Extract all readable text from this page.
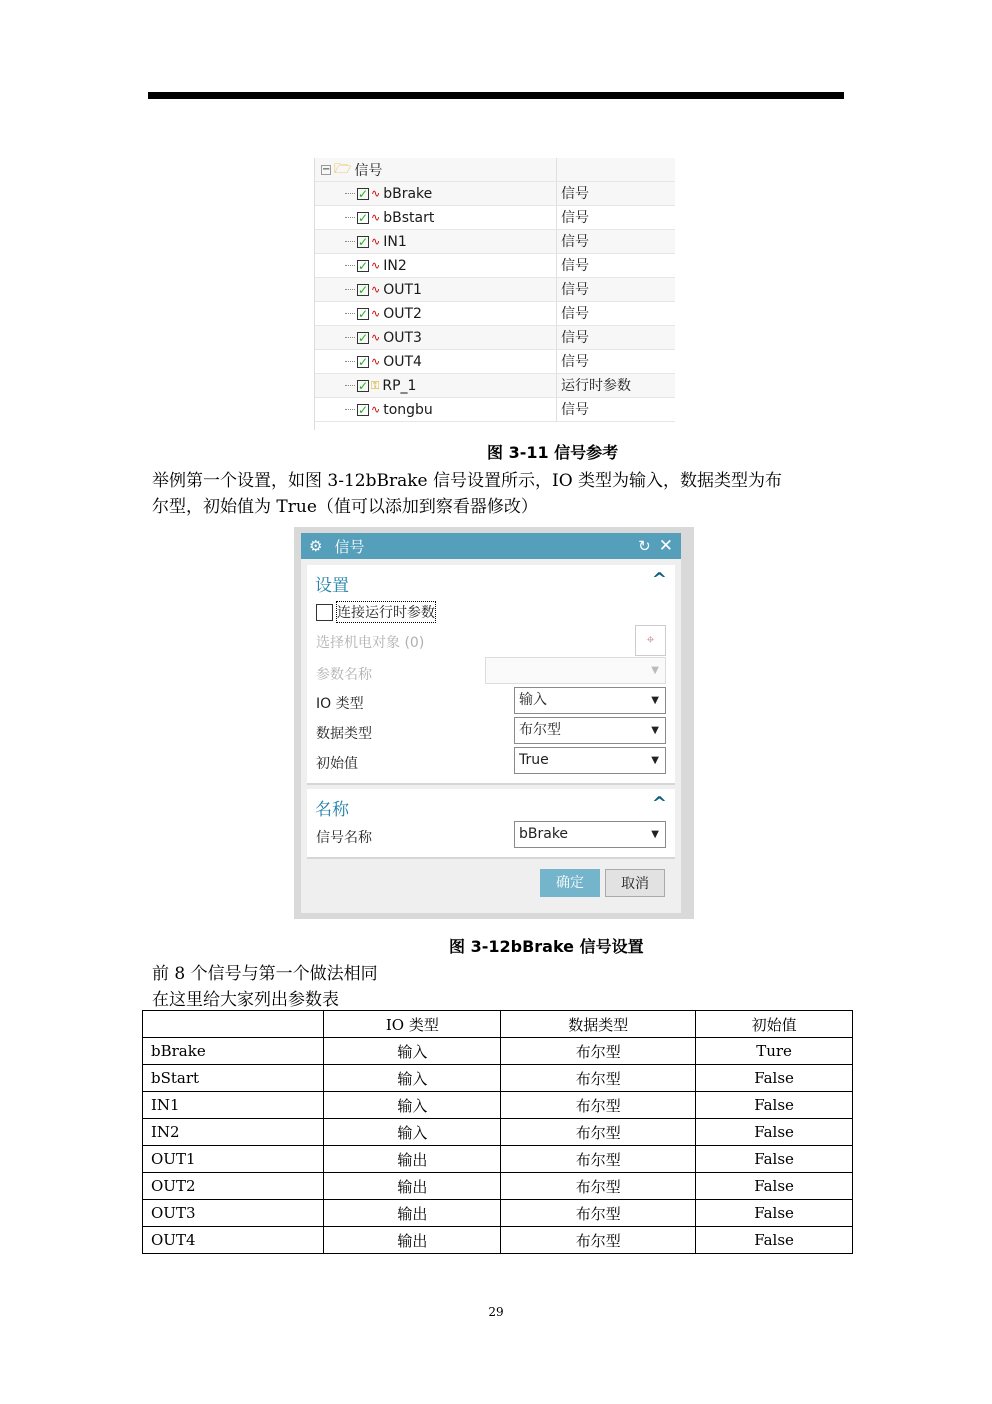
− 🗁 信号
✓ ∿ bBrake	信号
✓ ∿ bBstart	信号
✓ ∿ IN1	信号
✓ ∿ IN2	信号
✓ ∿ OUT1	信号
✓ ∿ OUT2	信号
✓ ∿ OUT3	信号
✓ ∿ OUT4	信号
✓ ⚿ RP_1	运行时参数
✓ ∿ tongbu	信号
图 3-11 信号参考
举例第一个设置，如图 3-12bBrake 信号设置所示，IO 类型为输入，数据类型为布
尔型，初始值为 True（值可以添加到察看器修改）
⚙ 信号	↻ ✕
设置	^
连接运行时参数
选择机电对象 (0)	⌖
参数名称	▼
IO 类型	输入	▼
数据类型	布尔型	▼
初始值	True	▼
名称	^
信号名称	bBrake	▼
确定	取消
图 3-12bBrake 信号设置
前 8 个信号与第一个做法相同
在这里给大家列出参数表
	IO 类型	数据类型	初始值
bBrake	输入	布尔型	Ture
bStart	输入	布尔型	False
IN1	输入	布尔型	False
IN2	输入	布尔型	False
OUT1	输出	布尔型	False
OUT2	输出	布尔型	False
OUT3	输出	布尔型	False
OUT4	输出	布尔型	False
29
